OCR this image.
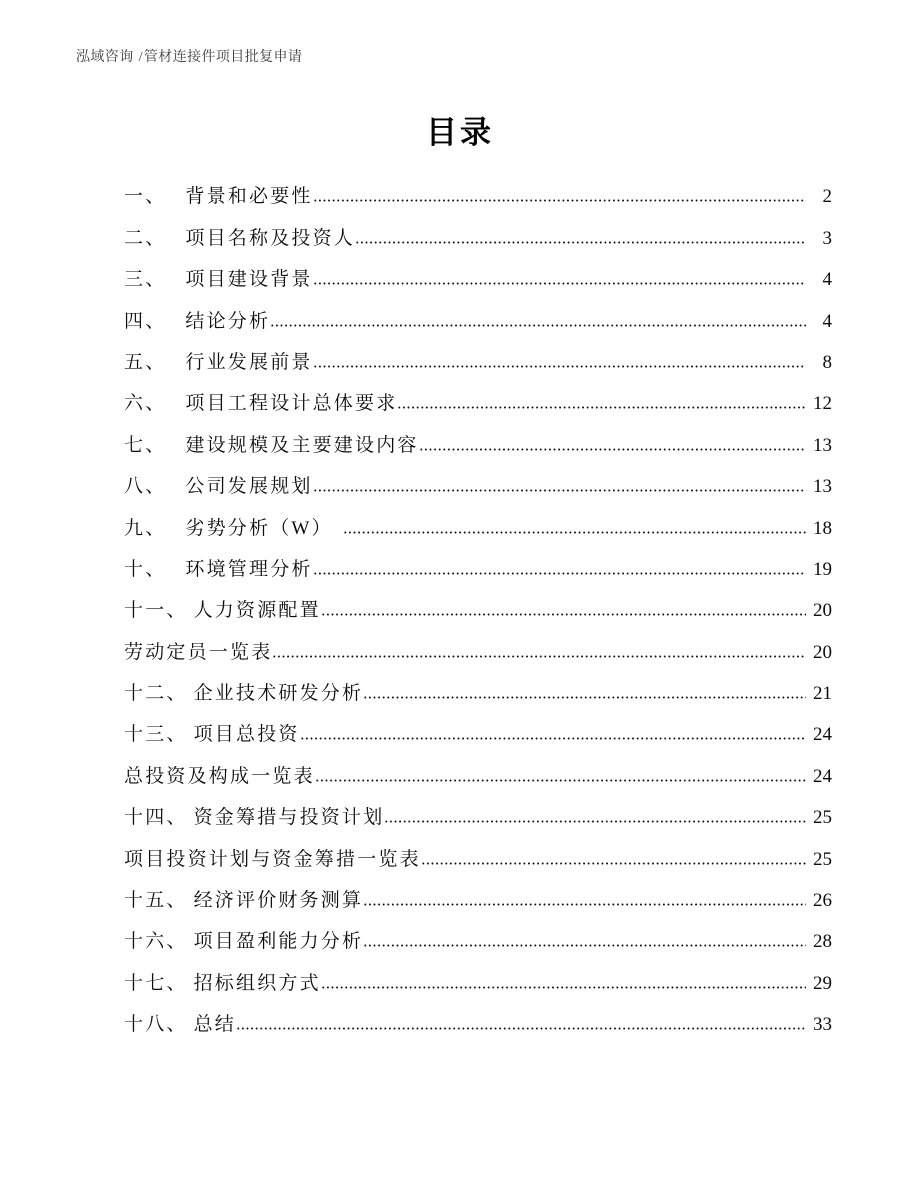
泓域咨询 /管材连接件项目批复申请
目录
一、	背景和必要性	2
二、	项目名称及投资人	3
三、	项目建设背景	4
四、	结论分析	4
五、	行业发展前景	8
六、	项目工程设计总体要求	12
七、	建设规模及主要建设内容	13
八、	公司发展规划	13
九、	劣势分析（W）	18
十、	环境管理分析	19
十一、 人力资源配置	20
劳动定员一览表	20
十二、 企业技术研发分析	21
十三、 项目总投资	24
总投资及构成一览表	24
十四、 资金筹措与投资计划	25
项目投资计划与资金筹措一览表	25
十五、 经济评价财务测算	26
十六、 项目盈利能力分析	28
十七、 招标组织方式	29
十八、 总结	33
